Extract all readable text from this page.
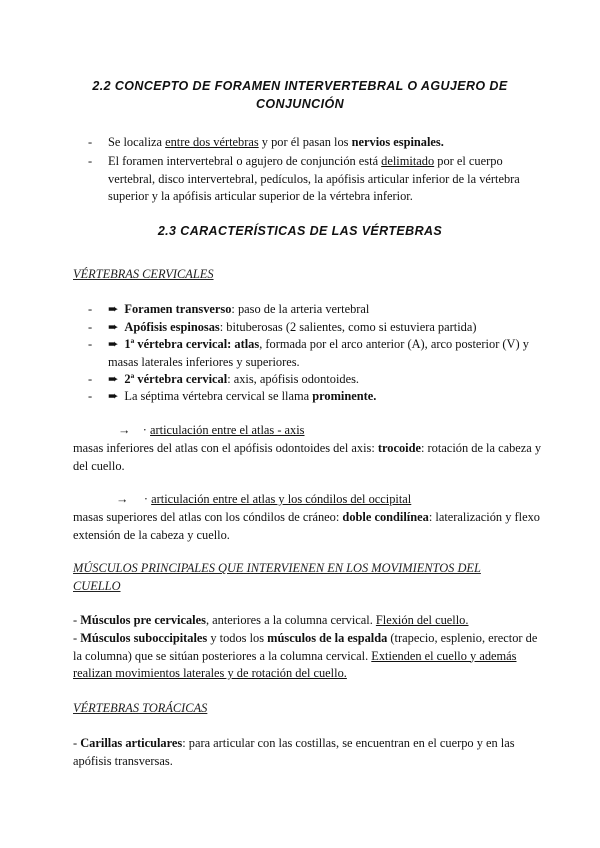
2.2 CONCEPTO DE FORAMEN INTERVERTEBRAL O AGUJERO DE
CONJUNCIÓN
- Se localiza entre dos vértebras y por él pasan los nervios espinales.
- El foramen intervertebral o agujero de conjunción está delimitado por el cuerpo vertebral, disco intervertebral, pedículos, la apófisis articular inferior de la vértebra superior y la apófisis articular superior de la vértebra inferior.
2.3 CARACTERÍSTICAS DE LAS VÉRTEBRAS
VÉRTEBRAS CERVICALES
- ➨ Foramen transverso: paso de la arteria vertebral
- ➨ Apófisis espinosas: bituberosas (2 salientes, como si estuviera partida)
- ➨ 1ª vértebra cervical: atlas, formada por el arco anterior (A), arco posterior (V) y masas laterales inferiores y superiores.
- ➨ 2ª vértebra cervical: axis, apófisis odontoides.
- ➨ La séptima vértebra cervical se llama prominente.
→ · articulación entre el atlas - axis
masas inferiores del atlas con el apófisis odontoides del axis: trocoide: rotación de la cabeza y del cuello.
→ · articulación entre el atlas y los cóndilos del occipital
masas superiores del atlas con los cóndilos de cráneo: doble condilínea: lateralización y flexo extensión de la cabeza y cuello.
MÚSCULOS PRINCIPALES QUE INTERVIENEN EN LOS MOVIMIENTOS DEL
CUELLO
- Músculos pre cervicales, anteriores a la columna cervical. Flexión del cuello.
- Músculos suboccipitales y todos los músculos de la espalda (trapecio, esplenio, erector de la columna) que se sitúan posteriores a la columna cervical. Extienden el cuello y además realizan movimientos laterales y de rotación del cuello.
VÉRTEBRAS TORÁCICAS
- Carillas articulares: para articular con las costillas, se encuentran en el cuerpo y en las apófisis transversas.
